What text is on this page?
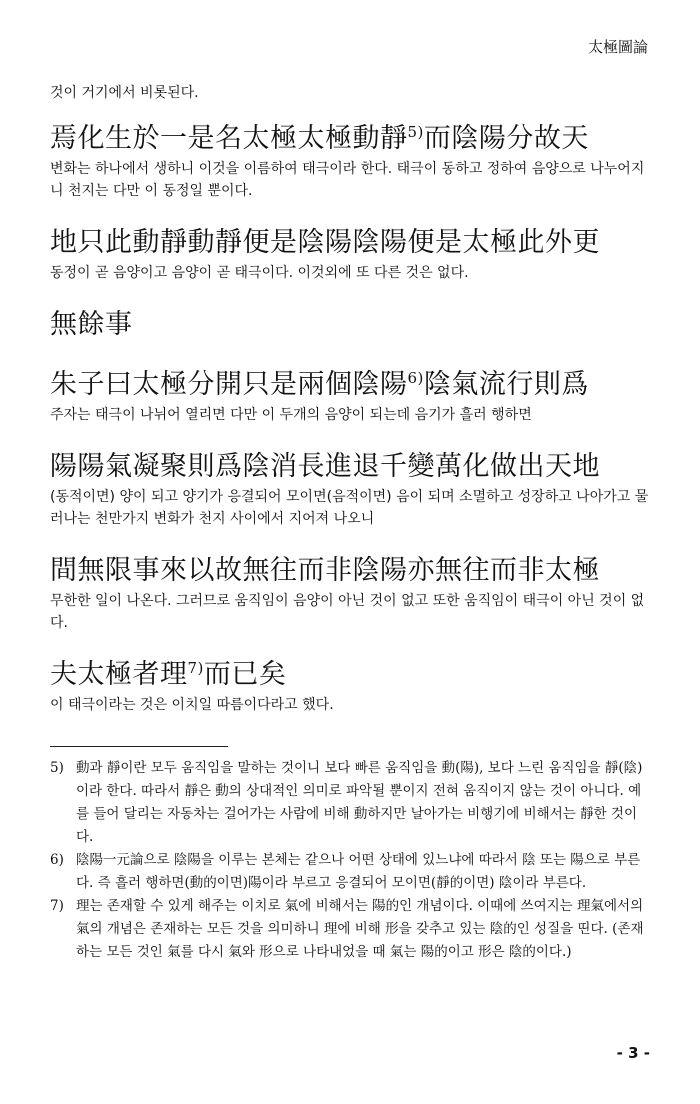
太極圖論
것이 거기에서 비롯된다.
焉化生於一是名太極太極動靜$^{5)}$而陰陽分故天
변화는 하나에서 생하니 이것을 이름하여 태극이라 한다. 태극이 동하고 정하여 음양으로 나누어지니 천지는 다만 이 동정일 뿐이다.
地只此動靜動靜便是陰陽陰陽便是太極此外更
동정이 곧 음양이고 음양이 곧 태극이다. 이것외에 또 다른 것은 없다.
無餘事
朱子曰太極分開只是兩個陰陽$^{6)}$陰氣流行則爲
주자는 태극이 나뉘어 열리면 다만 이 두개의 음양이 되는데 음기가 흘러 행하면
陽陽氣凝聚則爲陰消長進退千變萬化做出天地
(동적이면) 양이 되고 양기가 응결되어 모이면(음적이면) 음이 되며 소멸하고 성장하고 나아가고 물러나는 천만가지 변화가 천지 사이에서 지어져 나오니
間無限事來以故無往而非陰陽亦無往而非太極
무한한 일이 나온다. 그러므로 움직임이 음양이 아닌 것이 없고 또한 움직임이 태극이 아닌 것이 없다.
夫太極者理$^{7)}$而已矣
이 태극이라는 것은 이치일 따름이다라고 했다.
5) 動과 靜이란 모두 움직임을 말하는 것이니 보다 빠른 움직임을 動(陽), 보다 느린 움직임을 靜(陰)이라 한다. 따라서 靜은 動의 상대적인 의미로 파악될 뿐이지 전혀 움직이지 않는 것이 아니다. 예를 들어 달리는 자동차는 걸어가는 사람에 비해 動하지만 날아가는 비행기에 비해서는 靜한 것이다.
6) 陰陽一元論으로 陰陽을 이루는 본체는 같으나 어떤 상태에 있느냐에 따라서 陰 또는 陽으로 부른다. 즉 흘러 행하면(動的이면)陽이라 부르고 응결되어 모이면(靜的이면) 陰이라 부른다.
7) 理는 존재할 수 있게 해주는 이치로 氣에 비해서는 陽的인 개념이다. 이때에 쓰여지는 理氣에서의 氣의 개념은 존재하는 모든 것을 의미하니 理에 비해 形을 갖추고 있는 陰的인 성질을 띤다. (존재하는 모든 것인 氣를 다시 氣와 形으로 나타내었을 때 氣는 陽的이고 形은 陰的이다.)
- 3 -
